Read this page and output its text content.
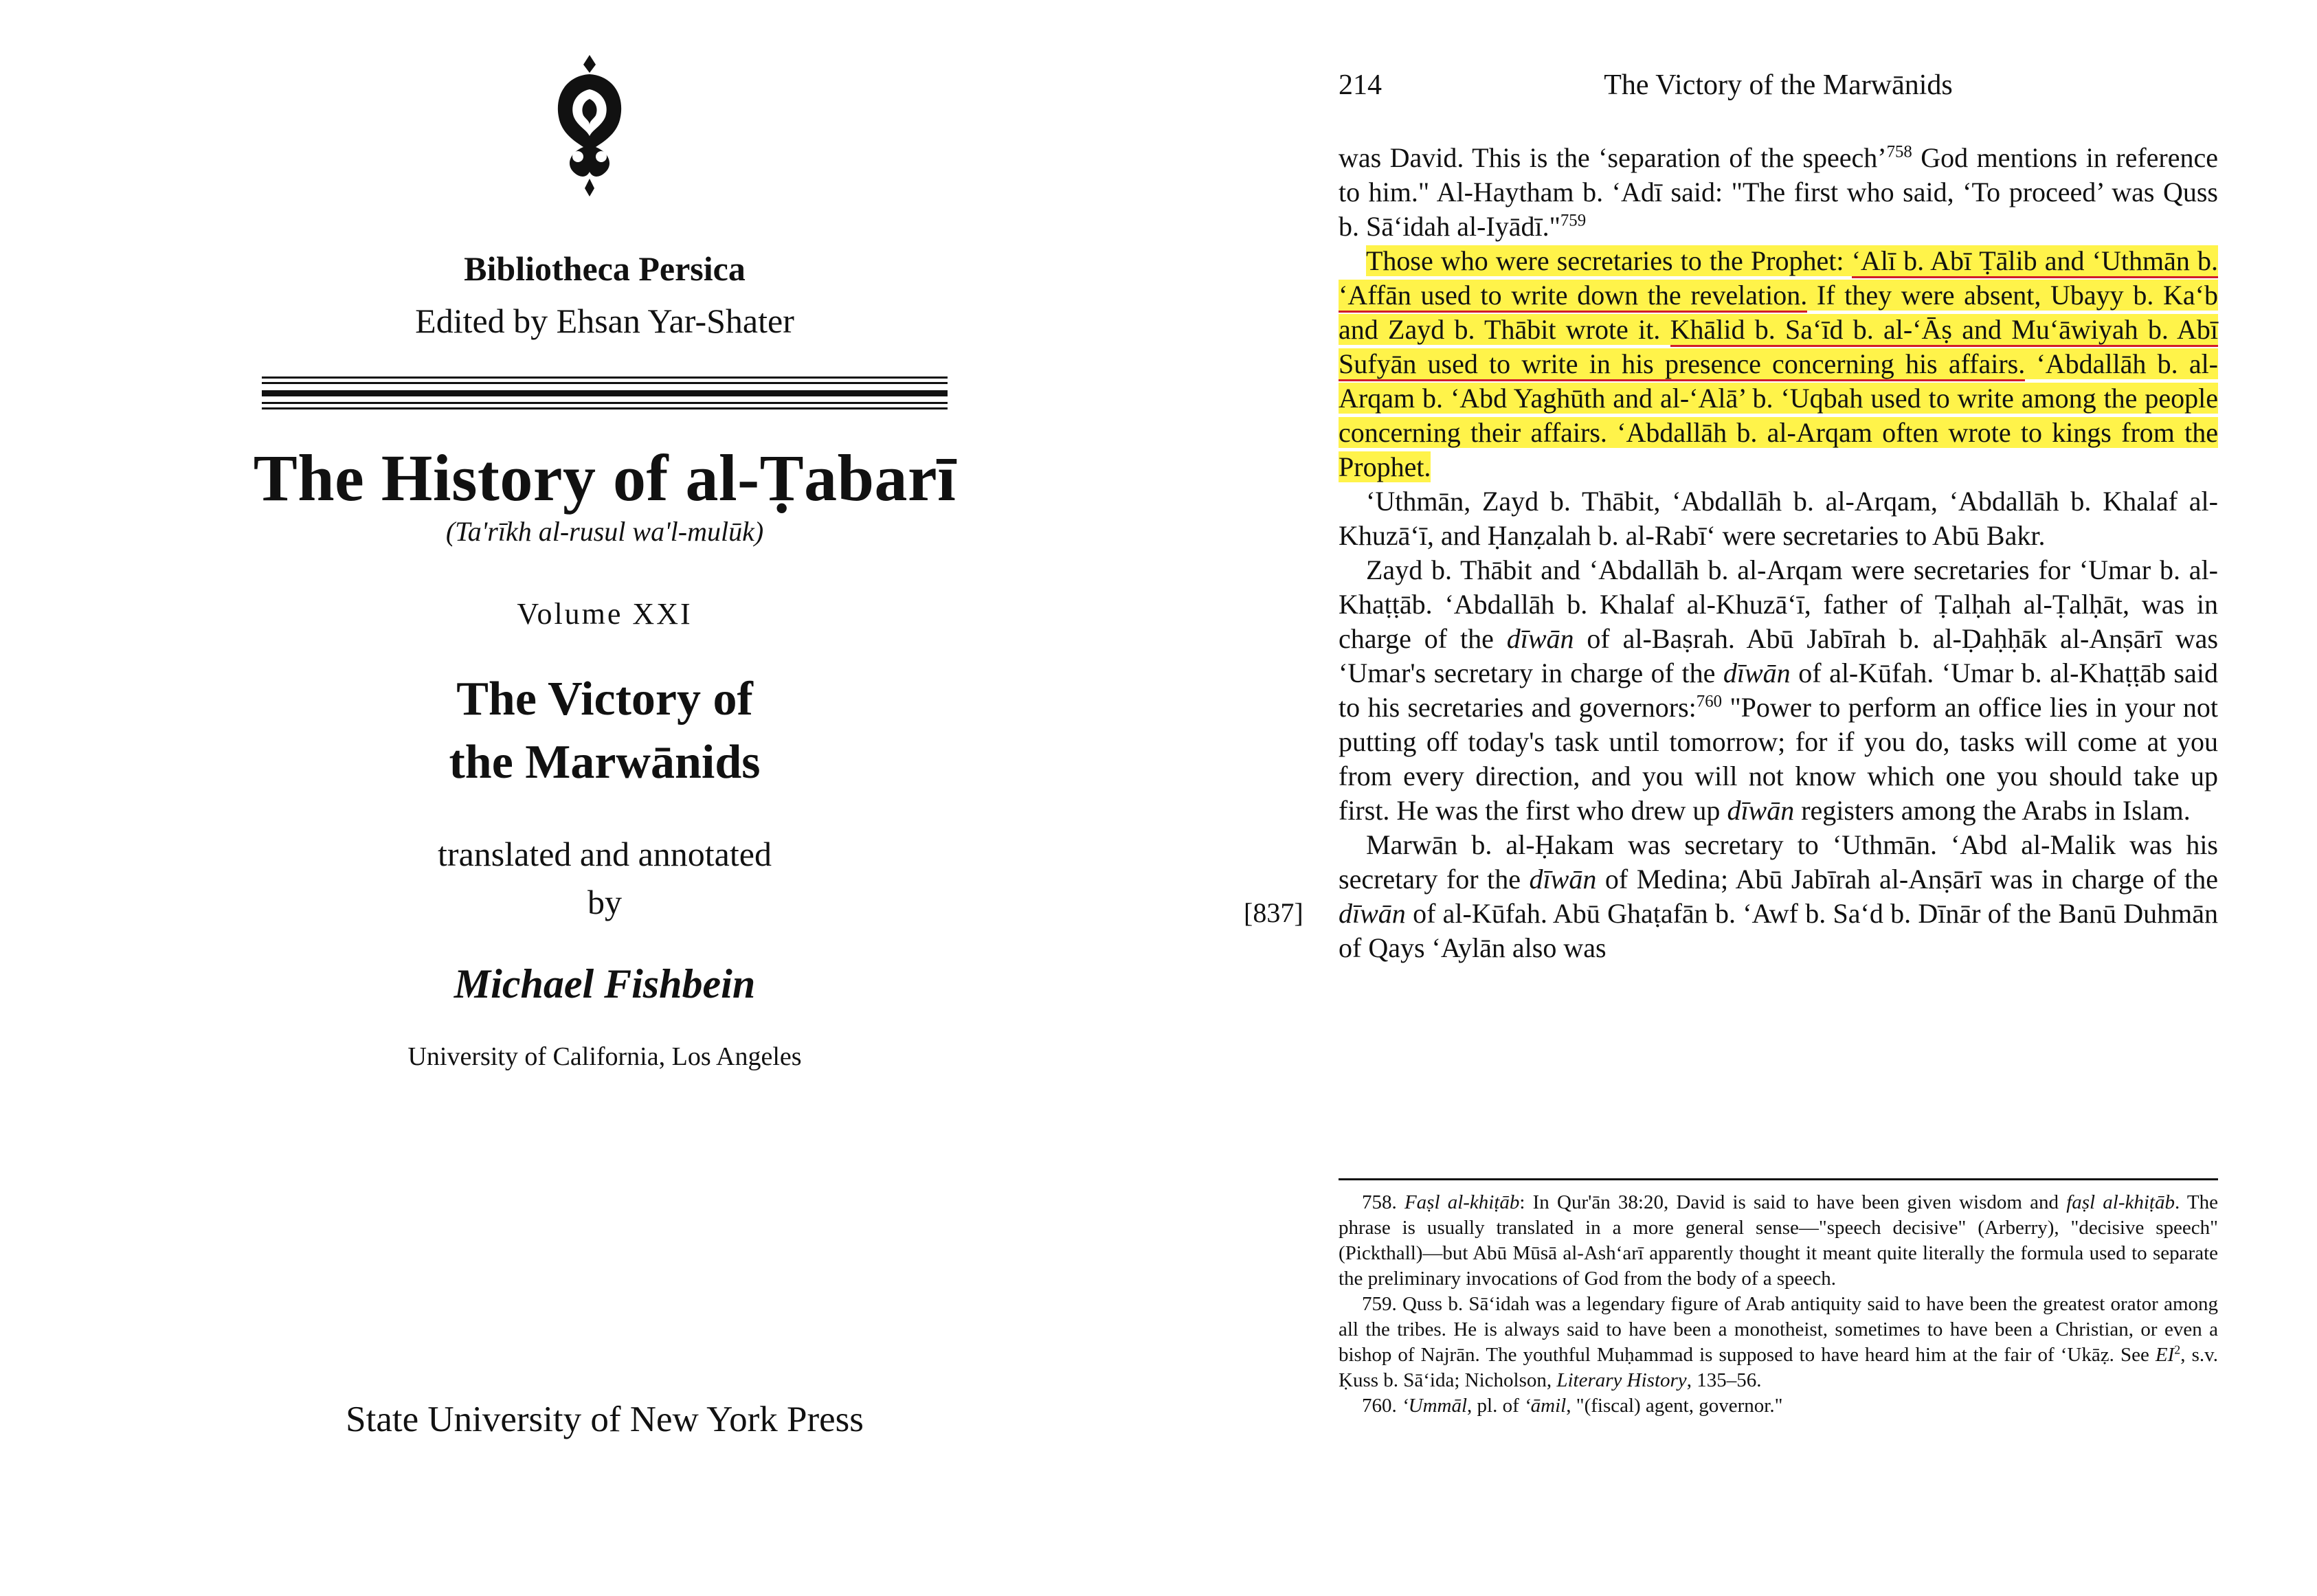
Bibliotheca Persica
Edited by Ehsan Yar-Shater
The History of al-Ṭabarī
(Ta'rīkh al-rusul wa'l-mulūk)
Volume XXI
The Victory of
the Marwānids
translated and annotated
by
Michael Fishbein
University of California, Los Angeles
State University of New York Press
214	The Victory of the Marwānids
[837]

was David. This is the ‘separation of the speech’$^{758}$ God mentions in reference to him." Al-Haytham b. ‘Adī said: "The first who said, ‘To proceed’ was Quss b. Sā‘idah al-Iyādī."$^{759}$

Those who were secretaries to the Prophet: ‘Alī b. Abī Ṭālib and ‘Uthmān b. ‘Affān used to write down the revelation. If they were absent, Ubayy b. Ka‘b and Zayd b. Thābit wrote it. Khālid b. Sa‘īd b. al-‘Āṣ and Mu‘āwiyah b. Abī Sufyān used to write in his presence concerning his affairs. ‘Abdallāh b. al-Arqam b. ‘Abd Yaghūth and al-‘Alā’ b. ‘Uqbah used to write among the people concerning their affairs. ‘Abdallāh b. al-Arqam often wrote to kings from the Prophet.

‘Uthmān, Zayd b. Thābit, ‘Abdallāh b. al-Arqam, ‘Abdallāh b. Khalaf al-Khuzā‘ī, and Ḥanẓalah b. al-Rabī‘ were secretaries to Abū Bakr.

Zayd b. Thābit and ‘Abdallāh b. al-Arqam were secretaries for ‘Umar b. al-Khaṭṭāb. ‘Abdallāh b. Khalaf al-Khuzā‘ī, father of Ṭalḥah al-Ṭalḥāt, was in charge of the dīwān of al-Baṣrah. Abū Jabīrah b. al-Ḍaḥḥāk al-Anṣārī was ‘Umar's secretary in charge of the dīwān of al-Kūfah. ‘Umar b. al-Khaṭṭāb said to his secretaries and governors:$^{760}$ "Power to perform an office lies in your not putting off today's task until tomorrow; for if you do, tasks will come at you from every direction, and you will not know which one you should take up first. He was the first who drew up dīwān registers among the Arabs in Islam.

Marwān b. al-Ḥakam was secretary to ‘Uthmān. ‘Abd al-Malik was his secretary for the dīwān of Medina; Abū Jabīrah al-Anṣārī was in charge of the dīwān of al-Kūfah. Abū Ghaṭafān b. ‘Awf b. Sa‘d b. Dīnār of the Banū Duhmān of Qays ‘Aylān also was

758. Faṣl al-khiṭāb: In Qur'ān 38:20, David is said to have been given wisdom and faṣl al-khiṭāb. The phrase is usually translated in a more general sense—"speech decisive" (Arberry), "decisive speech" (Pickthall)—but Abū Mūsā al-Ash‘arī apparently thought it meant quite literally the formula used to separate the preliminary invocations of God from the body of a speech.

759. Quss b. Sā‘idah was a legendary figure of Arab antiquity said to have been the greatest orator among all the tribes. He is always said to have been a monotheist, sometimes to have been a Christian, or even a bishop of Najrān. The youthful Muḥammad is supposed to have heard him at the fair of ‘Ukāẓ. See $EI^2$, s.v. Ḳuss b. Sā‘ida; Nicholson, Literary History, 135–56.

760. ‘Ummāl, pl. of ‘āmil, "(fiscal) agent, governor."
